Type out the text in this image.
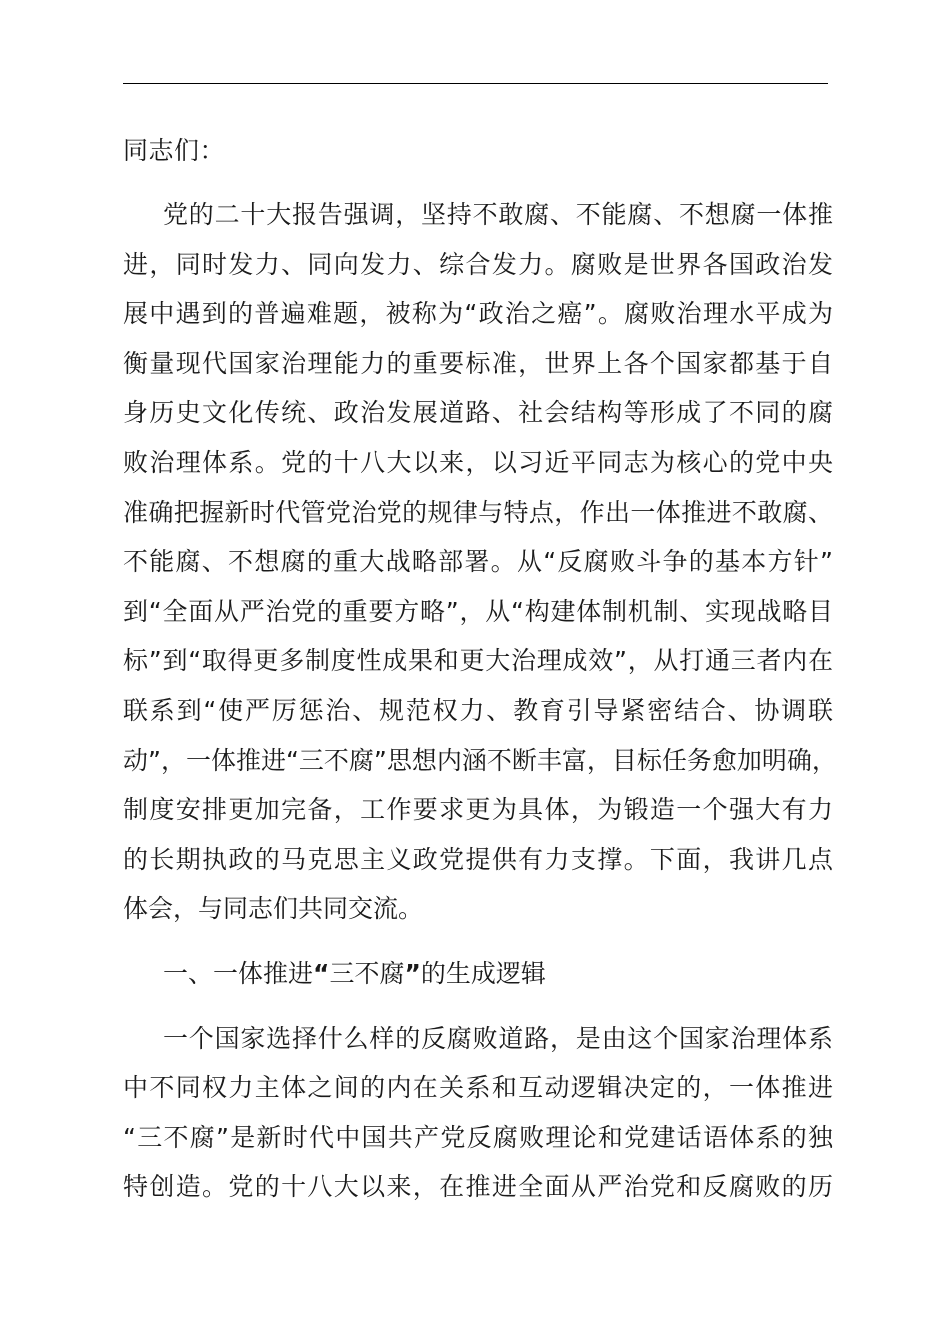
同志们：
党的二十大报告强调，坚持不敢腐、不能腐、不想腐一体推
进，同时发力、同向发力、综合发力。腐败是世界各国政治发
展中遇到的普遍难题，被称为“政治之癌”。腐败治理水平成为
衡量现代国家治理能力的重要标准，世界上各个国家都基于自
身历史文化传统、政治发展道路、社会结构等形成了不同的腐
败治理体系。党的十八大以来，以习近平同志为核心的党中央
准确把握新时代管党治党的规律与特点，作出一体推进不敢腐、
不能腐、不想腐的重大战略部署。从“反腐败斗争的基本方针”
到“全面从严治党的重要方略”，从“构建体制机制、实现战略目
标”到“取得更多制度性成果和更大治理成效”，从打通三者内在
联系到“使严厉惩治、规范权力、教育引导紧密结合、协调联
动”，一体推进“三不腐”思想内涵不断丰富，目标任务愈加明确，
制度安排更加完备，工作要求更为具体，为锻造一个强大有力
的长期执政的马克思主义政党提供有力支撑。下面，我讲几点
体会，与同志们共同交流。
一、一体推进“三不腐”的生成逻辑
一个国家选择什么样的反腐败道路，是由这个国家治理体系
中不同权力主体之间的内在关系和互动逻辑决定的，一体推进
“三不腐”是新时代中国共产党反腐败理论和党建话语体系的独
特创造。党的十八大以来，在推进全面从严治党和反腐败的历
